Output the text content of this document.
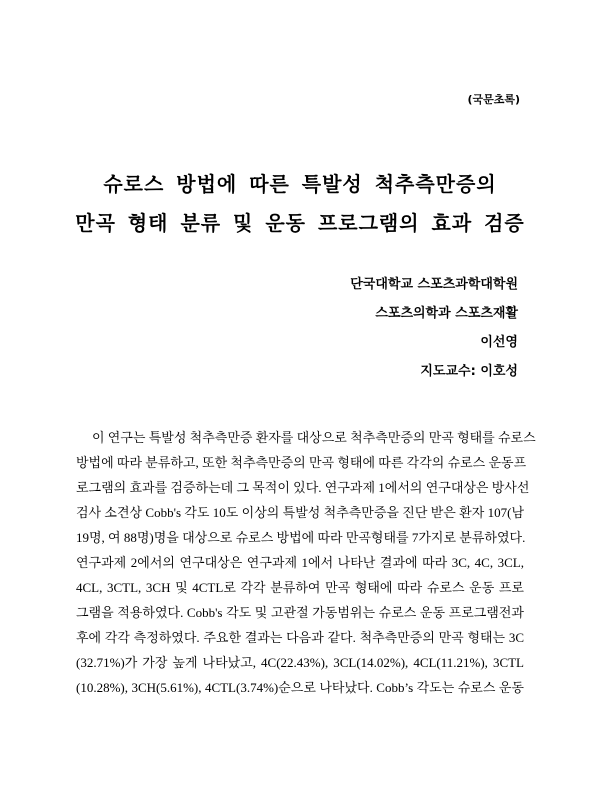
(국문초록)
슈로스 방법에 따른 특발성 척추측만증의
만곡 형태 분류 및 운동 프로그램의 효과 검증
단국대학교 스포츠과학대학원
스포츠의학과 스포츠재활
이선영
지도교수: 이호성
이 연구는 특발성 척추측만증 환자를 대상으로 척추측만증의 만곡 형태를 슈로스
방법에 따라 분류하고, 또한 척추측만증의 만곡 형태에 따른 각각의 슈로스 운동프
로그램의 효과를 검증하는데 그 목적이 있다. 연구과제 1에서의 연구대상은 방사선
검사 소견상 Cobb's 각도 10도 이상의 특발성 척추측만증을 진단 받은 환자 107(남
19명, 여 88명)명을 대상으로 슈로스 방법에 따라 만곡형태를 7가지로 분류하였다.
연구과제 2에서의 연구대상은 연구과제 1에서 나타난 결과에 따라 3C, 4C, 3CL,
4CL, 3CTL, 3CH 및 4CTL로 각각 분류하여 만곡 형태에 따라 슈로스 운동 프로
그램을 적용하였다. Cobb's 각도 및 고관절 가동범위는 슈로스 운동 프로그램전과
후에 각각 측정하였다. 주요한 결과는 다음과 같다. 척추측만증의 만곡 형태는 3C
(32.71%)가 가장 높게 나타났고, 4C(22.43%), 3CL(14.02%), 4CL(11.21%), 3CTL
(10.28%), 3CH(5.61%), 4CTL(3.74%)순으로 나타났다. Cobb’s 각도는 슈로스 운동
